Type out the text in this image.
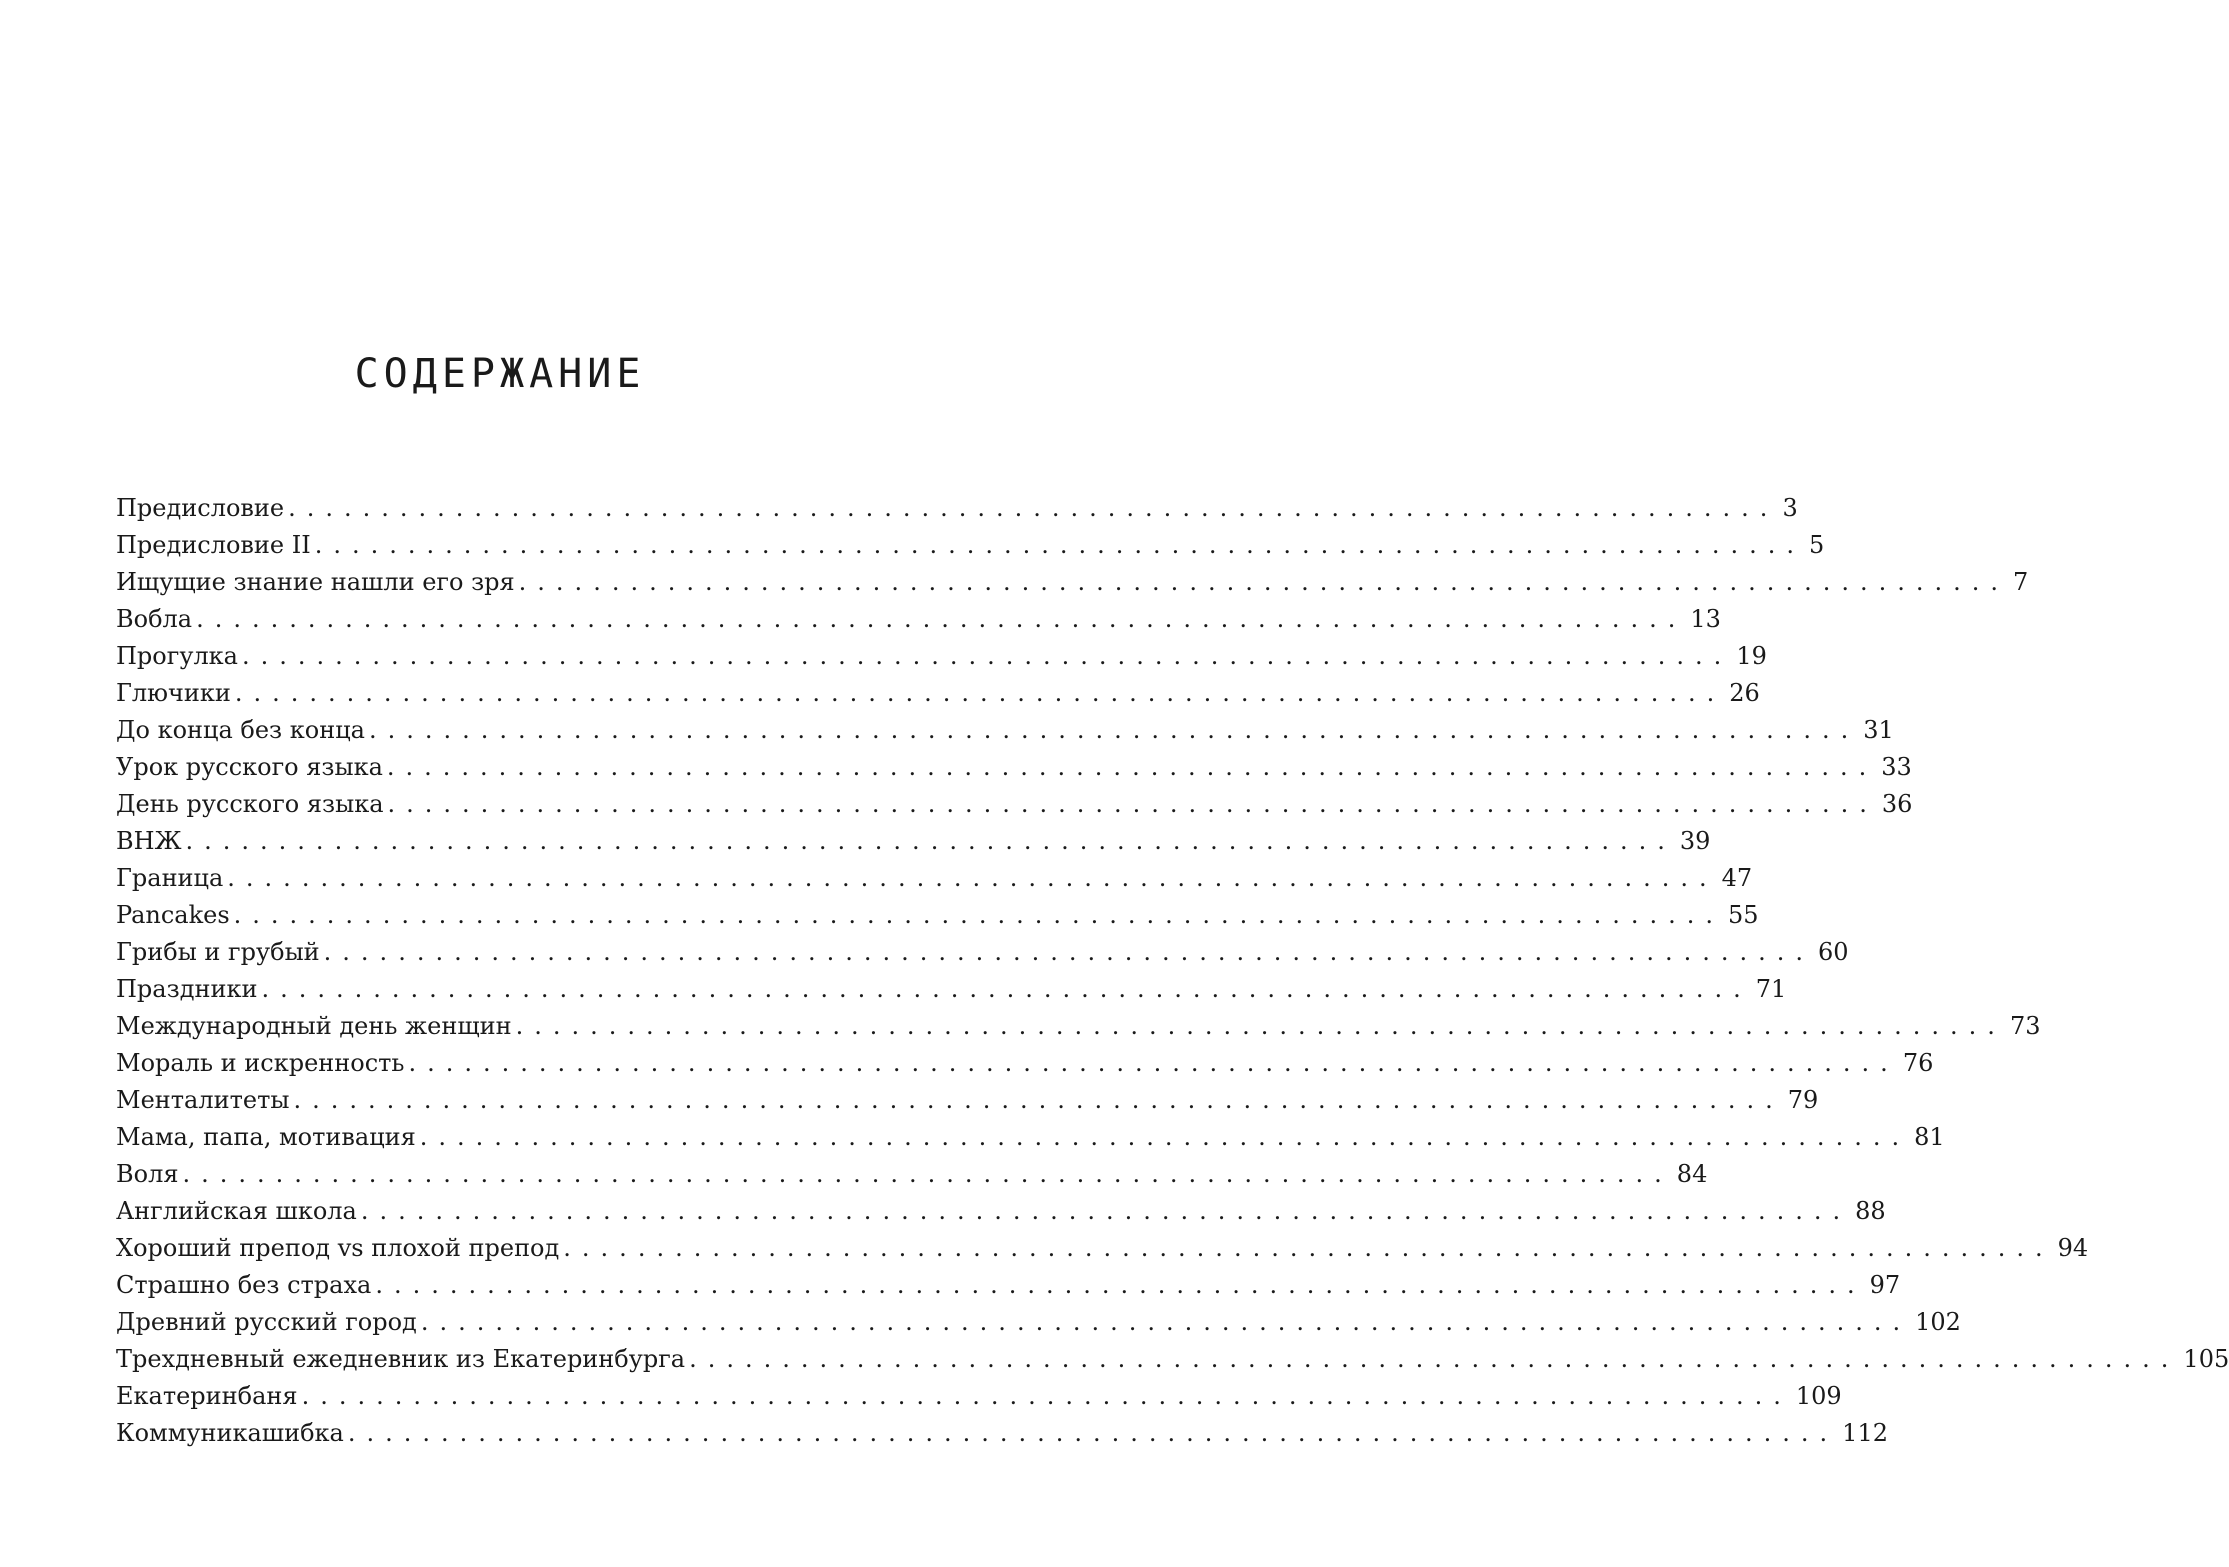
СОДЕРЖАНИЕ
Предисловие ................................................................................ 3
Предисловие II ................................................................................ 5
Ищущие знание нашли его зря ................................................................................ 7
Вобла ................................................................................ 13
Прогулка ................................................................................ 19
Глючики ................................................................................ 26
До конца без конца ................................................................................ 31
Урок русского языка ................................................................................ 33
День русского языка ................................................................................ 36
ВНЖ ................................................................................ 39
Граница ................................................................................ 47
Pancakes ................................................................................ 55
Грибы и грубый ................................................................................ 60
Праздники ................................................................................ 71
Международный день женщин ................................................................................ 73
Мораль и искренность ................................................................................ 76
Менталитеты ................................................................................ 79
Мама, папа, мотивация ................................................................................ 81
Воля ................................................................................ 84
Английская школа ................................................................................ 88
Хороший препод vs плохой препод ................................................................................ 94
Страшно без страха ................................................................................ 97
Древний русский город ................................................................................ 102
Трехдневный ежедневник из Екатеринбурга ................................................................................ 105
Екатеринбаня ................................................................................ 109
Коммуникашибка ................................................................................ 112
